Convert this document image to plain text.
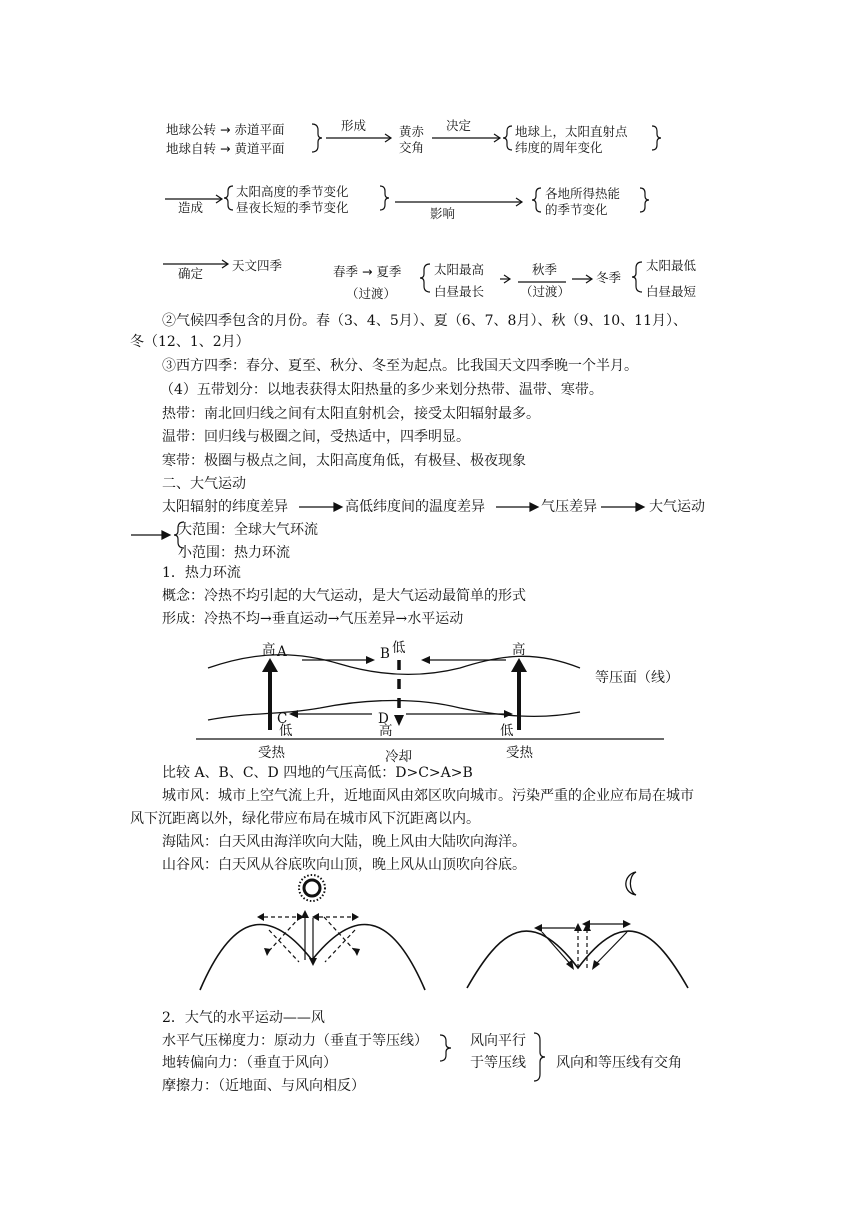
地球公转 → 赤道平面
地球自转 → 黄道平面
形成	黄赤
交角
决定	地球上，太阳直射点
纬度的周年变化
造成
太阳高度的季节变化
昼夜长短的季节变化	影响
各地所得热能
的季节变化
确定
天文四季	春季 → 夏季
（过渡）
太阳最高
白昼最长
秋季
（过渡）
冬季
太阳最低
白昼最短
②气候四季包含的月份。春（3、4、5月）、夏（6、7、8月）、秋（9、10、11月）、
冬（12、1、2月）
③西方四季：春分、夏至、秋分、冬至为起点。比我国天文四季晚一个半月。
（4）五带划分：以地表获得太阳热量的多少来划分热带、温带、寒带。
热带：南北回归线之间有太阳直射机会，接受太阳辐射最多。
温带：回归线与极圈之间，受热适中，四季明显。
寒带：极圈与极点之间，太阳高度角低，有极昼、极夜现象
二、大气运动
太阳辐射的纬度差异	高低纬度间的温度差异	气压差异	大气运动
大范围：全球大气环流
小范围：热力环流
1．热力环流
概念：冷热不均引起的大气运动，是大气运动最简单的形式
形成：冷热不均→垂直运动→气压差异→水平运动
高 A	B 低	高
等压面（线）
C
低
D
高	低
受热	冷却	受热
比较 A、B、C、D 四地的气压高低：D>C>A>B
城市风：城市上空气流上升，近地面风由郊区吹向城市。污染严重的企业应布局在城市
风下沉距离以外，绿化带应布局在城市风下沉距离以内。
海陆风：白天风由海洋吹向大陆，晚上风由大陆吹向海洋。
山谷风：白天风从谷底吹向山顶，晚上风从山顶吹向谷底。
2．大气的水平运动——风
水平气压梯度力：原动力（垂直于等压线）
地转偏向力：（垂直于风向）
摩擦力：（近地面、与风向相反）
风向平行
于等压线 风向和等压线有交角
